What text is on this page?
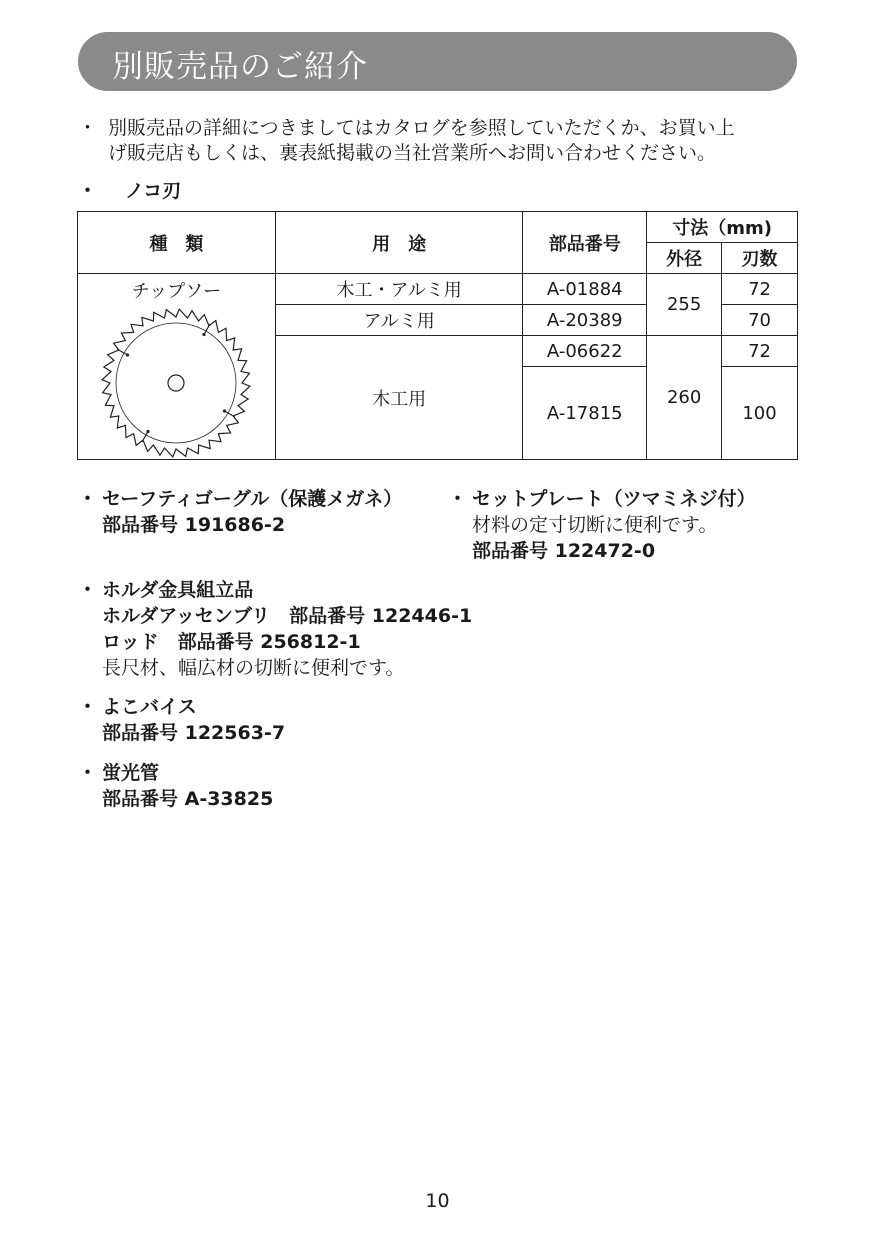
別販売品のご紹介
・ 別販売品の詳細につきましてはカタログを参照していただくか、お買い上
げ販売店もしくは、裏表紙掲載の当社営業所へお問い合わせください。
・ ノコ刃
種　類	用　途	部品番号	寸法（mm)	
			外径	刃数

チップソー	木工・アルミ用	A-01884	255	72
	アルミ用	A-20389		70
	木工用	A-06622	260	72
		A-17815		100
・ セーフティゴーグル（保護メガネ）
部品番号 191686-2
・ セットプレート（ツマミネジ付）
材料の定寸切断に便利です。
部品番号 122472-0
・ ホルダ金具組立品
ホルダアッセンブリ　部品番号 122446-1
ロッド　部品番号 256812-1
長尺材、幅広材の切断に便利です。
・ よこバイス
部品番号 122563-7
・ 蛍光管
部品番号 A-33825
10
